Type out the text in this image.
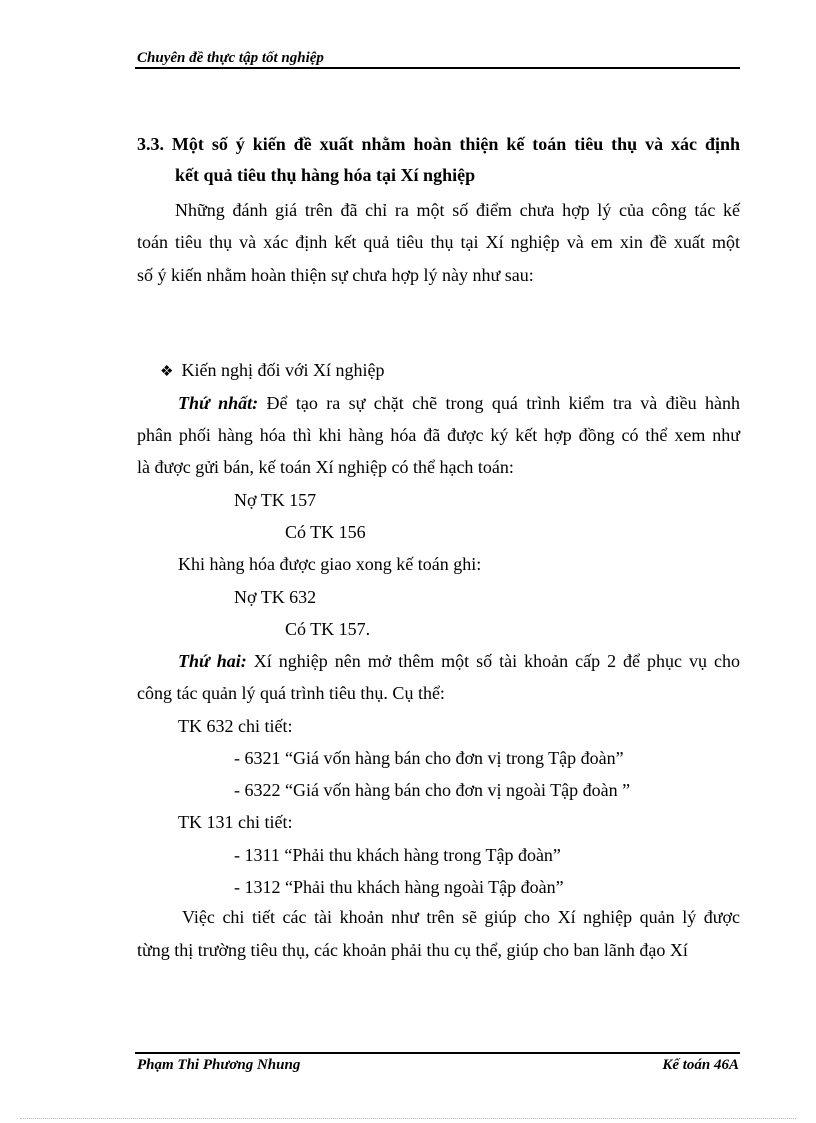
Chuyên đề thực tập tốt nghiệp
3.3. Một số ý kiến đề xuất nhằm hoàn thiện kế toán tiêu thụ và xác định
kết quả tiêu thụ hàng hóa tại Xí nghiệp
Những đánh giá trên đã chỉ ra một số điểm chưa hợp lý của công tác kế
toán tiêu thụ và xác định kết quả tiêu thụ tại Xí nghiệp và em xin đề xuất một
số ý kiến nhằm hoàn thiện sự chưa hợp lý này như sau:
❖ Kiến nghị đối với Xí nghiệp
Thứ nhất: Để tạo ra sự chặt chẽ trong quá trình kiểm tra và điều hành
phân phối hàng hóa thì khi hàng hóa đã được ký kết hợp đồng có thể xem như
là được gửi bán, kế toán Xí nghiệp có thể hạch toán:
Nợ TK 157
Có TK 156
Khi hàng hóa được giao xong kế toán ghi:
Nợ TK 632
Có TK 157.
Thứ hai: Xí nghiệp nên mở thêm một số tài khoản cấp 2 để phục vụ cho
công tác quản lý quá trình tiêu thụ. Cụ thể:
TK 632 chi tiết:
- 6321 “Giá vốn hàng bán cho đơn vị trong Tập đoàn”
- 6322 “Giá vốn hàng bán cho đơn vị ngoài Tập đoàn ”
TK 131 chi tiết:
- 1311 “Phải thu khách hàng trong Tập đoàn”
- 1312 “Phải thu khách hàng ngoài Tập đoàn”
Việc chi tiết các tài khoản như trên sẽ giúp cho Xí nghiệp quản lý được
từng thị trường tiêu thụ, các khoản phải thu cụ thể, giúp cho ban lãnh đạo Xí
Phạm Thi Phương Nhung	Kế toán 46A
